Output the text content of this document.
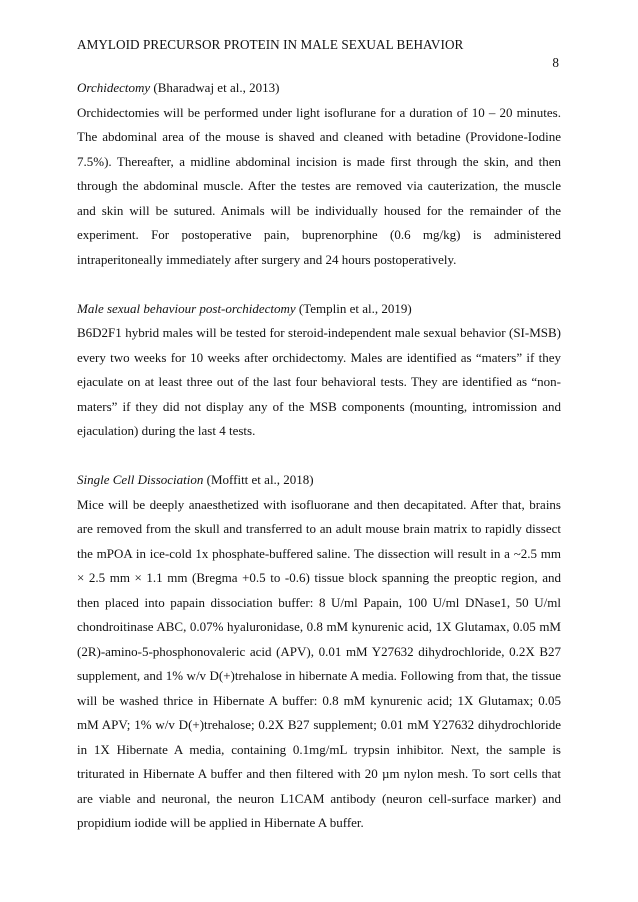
AMYLOID PRECURSOR PROTEIN IN MALE SEXUAL BEHAVIOR
8

Orchidectomy (Bharadwaj et al., 2013)

Orchidectomies will be performed under light isoflurane for a duration of 10 – 20 minutes. The abdominal area of the mouse is shaved and cleaned with betadine (Providone-Iodine 7.5%). Thereafter, a midline abdominal incision is made first through the skin, and then through the abdominal muscle. After the testes are removed via cauterization, the muscle and skin will be sutured. Animals will be individually housed for the remainder of the experiment. For postoperative pain, buprenorphine (0.6 mg/kg) is administered intraperitoneally immediately after surgery and 24 hours postoperatively.

Male sexual behaviour post-orchidectomy (Templin et al., 2019)

B6D2F1 hybrid males will be tested for steroid-independent male sexual behavior (SI-MSB) every two weeks for 10 weeks after orchidectomy. Males are identified as “maters” if they ejaculate on at least three out of the last four behavioral tests. They are identified as “non-maters” if they did not display any of the MSB components (mounting, intromission and ejaculation) during the last 4 tests.

Single Cell Dissociation (Moffitt et al., 2018)

Mice will be deeply anaesthetized with isofluorane and then decapitated. After that, brains are removed from the skull and transferred to an adult mouse brain matrix to rapidly dissect the mPOA in ice-cold 1x phosphate-buffered saline. The dissection will result in a ~2.5 mm × 2.5 mm × 1.1 mm (Bregma +0.5 to -0.6) tissue block spanning the preoptic region, and then placed into papain dissociation buffer: 8 U/ml Papain, 100 U/ml DNase1, 50 U/ml chondroitinase ABC, 0.07% hyaluronidase, 0.8 mM kynurenic acid, 1X Glutamax, 0.05 mM (2R)-amino-5-phosphonovaleric acid (APV), 0.01 mM Y27632 dihydrochloride, 0.2X B27 supplement, and 1% w/v D(+)trehalose in hibernate A media. Following from that, the tissue will be washed thrice in Hibernate A buffer: 0.8 mM kynurenic acid; 1X Glutamax; 0.05 mM APV; 1% w/v D(+)trehalose; 0.2X B27 supplement; 0.01 mM Y27632 dihydrochloride in 1X Hibernate A media, containing 0.1mg/mL trypsin inhibitor. Next, the sample is triturated in Hibernate A buffer and then filtered with 20 µm nylon mesh. To sort cells that are viable and neuronal, the neuron L1CAM antibody (neuron cell-surface marker) and propidium iodide will be applied in Hibernate A buffer.
